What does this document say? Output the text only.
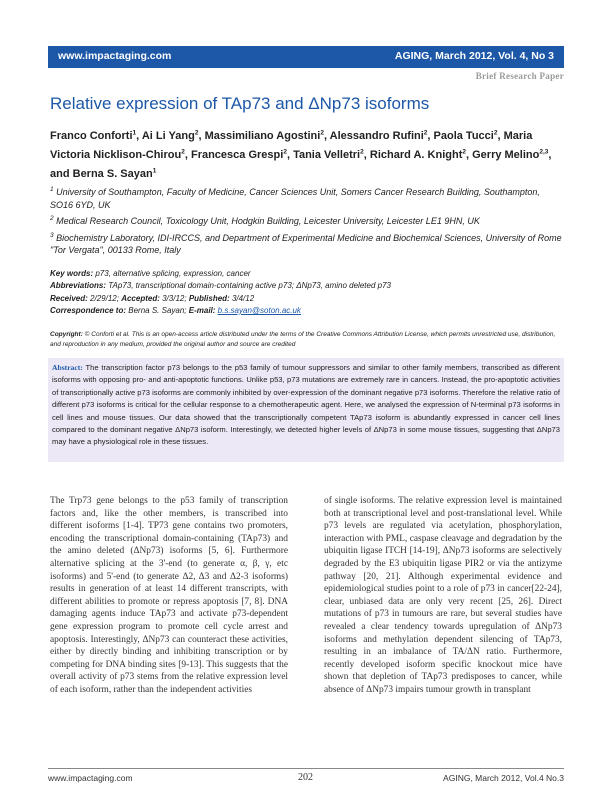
www.impactaging.com	AGING, March 2012, Vol. 4, No 3
Brief Research Paper
Relative expression of TAp73 and ΔNp73 isoforms
Franco Conforti$^1$, Ai Li Yang$^2$, Massimiliano Agostini$^2$, Alessandro Rufini$^2$, Paola Tucci$^2$, Maria Victoria Nicklison-Chirou$^2$, Francesca Grespi$^2$, Tania Velletri$^2$, Richard A. Knight$^2$, Gerry Melino$^{2,3}$, and Berna S. Sayan$^1$

$^1$ University of Southampton, Faculty of Medicine, Cancer Sciences Unit, Somers Cancer Research Building, Southampton, SO16 6YD, UK

$^2$ Medical Research Council, Toxicology Unit, Hodgkin Building, Leicester University, Leicester LE1 9HN, UK

$^3$ Biochemistry Laboratory, IDI-IRCCS, and Department of Experimental Medicine and Biochemical Sciences, University of Rome "Tor Vergata", 00133 Rome, Italy

Key words: p73, alternative splicing, expression, cancer

Abbreviations: TAp73, transcriptional domain-containing active p73; ΔNp73, amino deleted p73

Received: 2/29/12; Accepted: 3/3/12; Published: 3/4/12

Correspondence to: Berna S. Sayan; E-mail: b.s.sayan@soton.ac.uk

Copyright: © Conforti et al. This is an open-access article distributed under the terms of the Creative Commons Attribution License, which permits unrestricted use, distribution, and reproduction in any medium, provided the original author and source are credited
Abstract: The transcription factor p73 belongs to the p53 family of tumour suppressors and similar to other family members, transcribed as different isoforms with opposing pro- and anti-apoptotic functions. Unlike p53, p73 mutations are extremely rare in cancers. Instead, the pro-apoptotic activities of transcriptionally active p73 isoforms are commonly inhibited by over-expression of the dominant negative p73 isoforms. Therefore the relative ratio of different p73 isoforms is critical for the cellular response to a chemotherapeutic agent. Here, we analysed the expression of N-terminal p73 isoforms in cell lines and mouse tissues. Our data showed that the transcriptionally competent TAp73 isoform is abundantly expressed in cancer cell lines compared to the dominant negative ΔNp73 isoform. Interestingly, we detected higher levels of ΔNp73 in some mouse tissues, suggesting that ΔNp73 may have a physiological role in these tissues.

The Trp73 gene belongs to the p53 family of transcription factors and, like the other members, is transcribed into different isoforms [1-4]. TP73 gene contains two promoters, encoding the transcriptional domain-containing (TAp73) and the amino deleted (ΔNp73) isoforms [5, 6]. Furthermore alternative splicing at the 3'-end (to generate α, β, γ, etc isoforms) and 5'-end (to generate Δ2, Δ3 and Δ2-3 isoforms) results in generation of at least 14 different transcripts, with different abilities to promote or repress apoptosis [7, 8]. DNA damaging agents induce TAp73 and activate p73-dependent gene expression program to promote cell cycle arrest and apoptosis. Interestingly, ΔNp73 can counteract these activities, either by directly binding and inhibiting transcription or by competing for DNA binding sites [9-13]. This suggests that the overall activity of p73 stems from the relative expression level of each isoform, rather than the independent activities

of single isoforms. The relative expression level is maintained both at transcriptional level and post-translational level. While p73 levels are regulated via acetylation, phosphorylation, interaction with PML, caspase cleavage and degradation by the ubiquitin ligase ITCH [14-19], ΔNp73 isoforms are selectively degraded by the E3 ubiquitin ligase PIR2 or via the antizyme pathway [20, 21]. Although experimental evidence and epidemiological studies point to a role of p73 in cancer[22-24], clear, unbiased data are only very recent [25, 26]. Direct mutations of p73 in tumours are rare, but several studies have revealed a clear tendency towards upregulation of ΔNp73 isoforms and methylation dependent silencing of TAp73, resulting in an imbalance of TA/ΔN ratio. Furthermore, recently developed isoform specific knockout mice have shown that depletion of TAp73 predisposes to cancer, while absence of ΔNp73 impairs tumour growth in transplant

www.impactaging.com	202	AGING, March 2012, Vol.4 No.3
